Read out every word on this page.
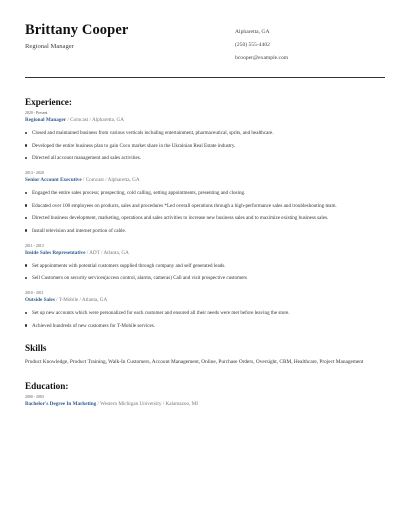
Brittany Cooper
Regional Manager
Alpharetta, GA
(250) 555-4402
bcooper@example.com
Experience:
2020 - Present
Regional Manager / Comcast / Alpharetta, GA
Closed and maintained business from various verticals including entertainment, pharmaceutical, sprits, and healthcare.
Developed the entire business plan to gain Coco market share in the Ukrainian Real Estate industry.
Directed all account management and sales activities.
2013 - 2020
Senior Account Executive / Comcast / Alpharetta, GA
Engaged the entire sales process; prospecting, cold calling, setting appointments, presenting and closing.
Educated over 100 employees on products, sales and procedures *Led overall operations through a high-performance sales and troubleshooting team.
Directed business development, marketing, operations and sales activities to increase new business sales and to maximize existing business sales.
Install television and internet portion of cable.
2011 - 2013
Inside Sales Representative / ADT / Atlanta, GA
Set appointments with potential customers supplied through company and self generated leads.
Sell Customers on security services(access control, alarms, cameras) Call and visit prospective customers
2010 - 2011
Outside Sales / T-Mobile / Atlanta, GA
Set up new accounts which were personalized for each customer and ensured all their needs were met before leaving the store.
Achieved hundreds of new customers for T-Mobile services.
Skills
Product Knowledge, Product Training, Walk-In Customers, Account Management, Online, Purchase Orders, Oversight, CRM, Healthcare, Project Management
Education:
2000 - 2003
Bachelor's Degree In Marketing / Western Michigan University / Kalamazoo, MI
